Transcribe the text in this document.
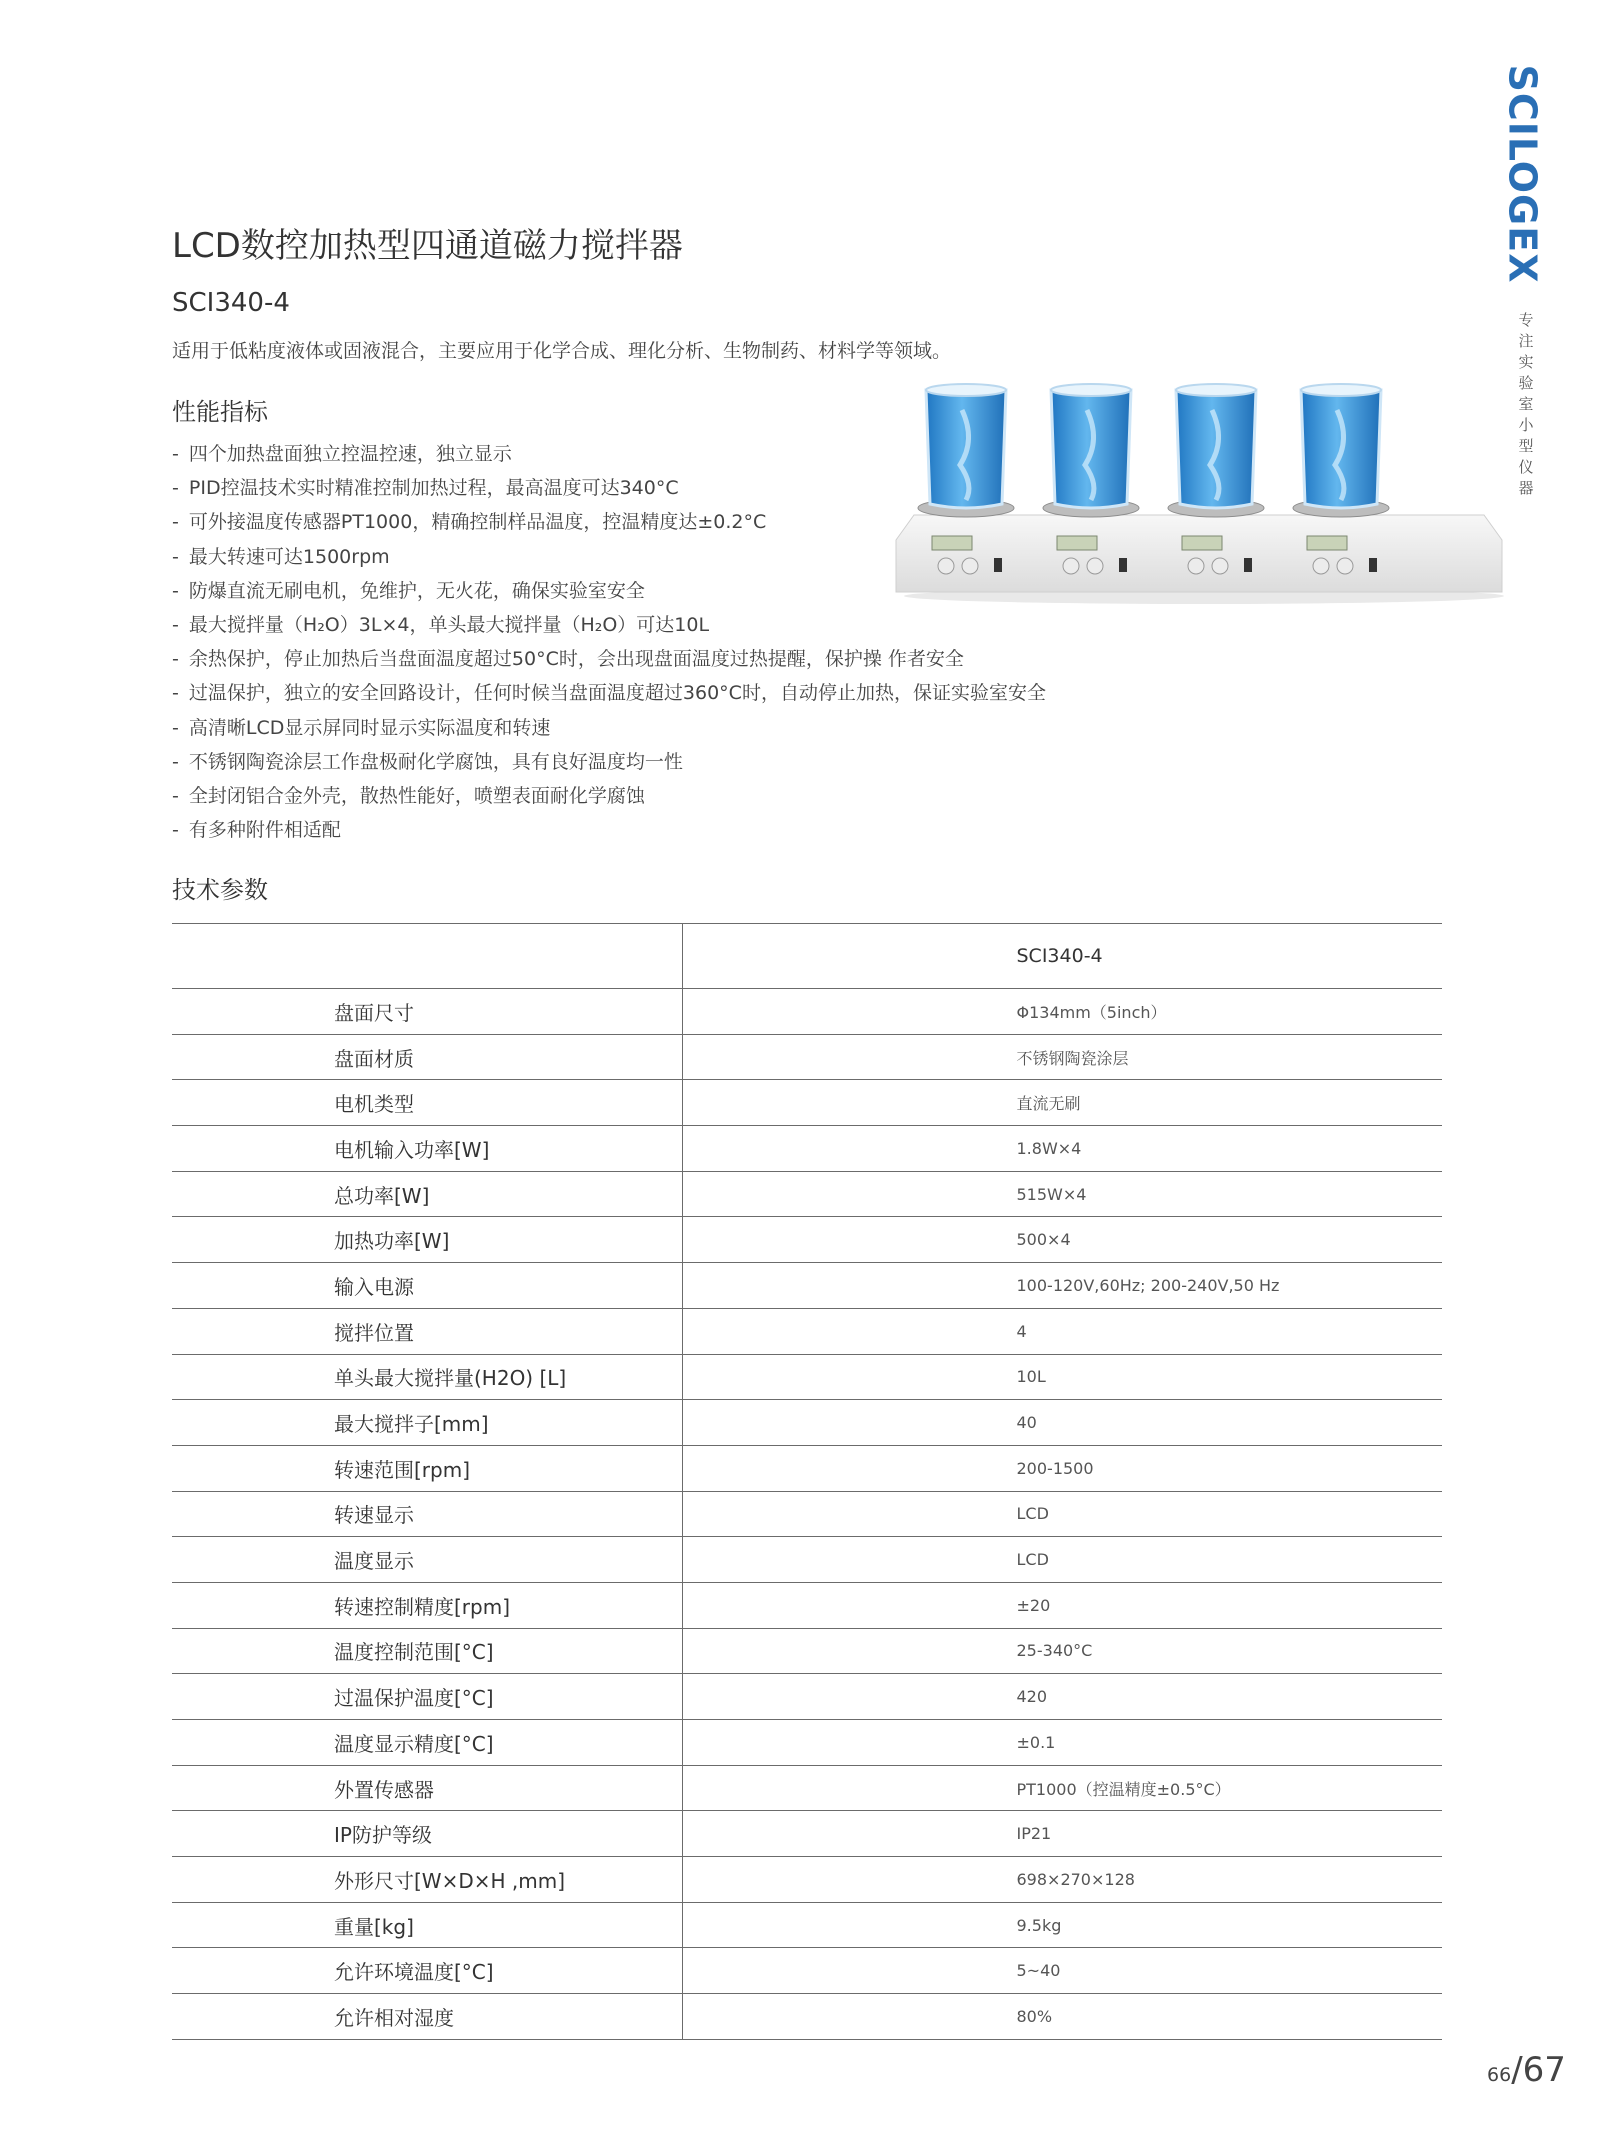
SCILOGEX
专注实验室小型仪器
LCD数控加热型四通道磁力搅拌器
SCI340-4
适用于低粘度液体或固液混合，主要应用于化学合成、理化分析、生物制药、材料学等领域。
性能指标
- 四个加热盘面独立控温控速，独立显示
- PID控温技术实时精准控制加热过程，最高温度可达340°C
- 可外接温度传感器PT1000，精确控制样品温度，控温精度达±0.2°C
- 最大转速可达1500rpm
- 防爆直流无刷电机，免维护，无火花，确保实验室安全
- 最大搅拌量（H₂O）3L×4，单头最大搅拌量（H₂O）可达10L
- 余热保护，停止加热后当盘面温度超过50°C时，会出现盘面温度过热提醒，保护操 作者安全
- 过温保护，独立的安全回路设计，任何时候当盘面温度超过360°C时，自动停止加热，保证实验室安全
- 高清晰LCD显示屏同时显示实际温度和转速
- 不锈钢陶瓷涂层工作盘极耐化学腐蚀，具有良好温度均一性
- 全封闭铝合金外壳，散热性能好，喷塑表面耐化学腐蚀
- 有多种附件相适配
技术参数
	SCI340-4
盘面尺寸	Φ134mm（5inch）
盘面材质	不锈钢陶瓷涂层
电机类型	直流无刷
电机输入功率[W]	1.8W×4
总功率[W]	515W×4
加热功率[W]	500×4
输入电源	100-120V,60Hz; 200-240V,50 Hz
搅拌位置	4
单头最大搅拌量(H2O) [L]	10L
最大搅拌子[mm]	40
转速范围[rpm]	200-1500
转速显示	LCD
温度显示	LCD
转速控制精度[rpm]	±20
温度控制范围[°C]	25-340°C
过温保护温度[°C]	420
温度显示精度[°C]	±0.1
外置传感器	PT1000（控温精度±0.5°C）
IP防护等级	IP21
外形尺寸[W×D×H ,mm]	698×270×128
重量[kg]	9.5kg
允许环境温度[°C]	5~40
允许相对湿度	80%
66/67
